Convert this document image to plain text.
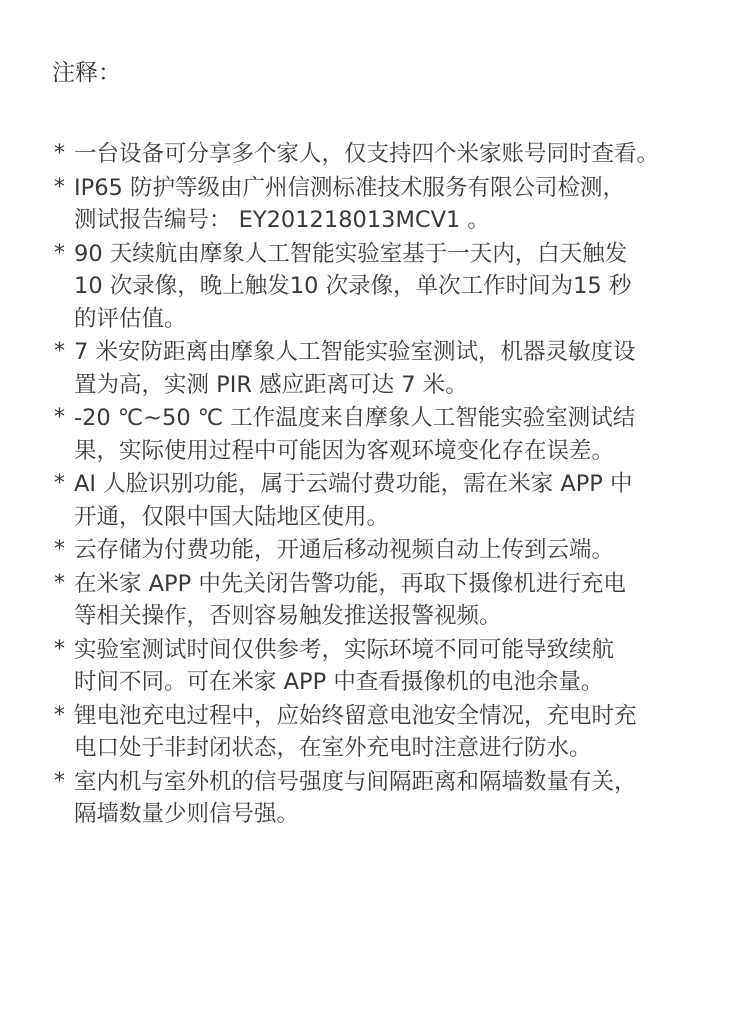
注释：
* 一台设备可分享多个家人，仅支持四个米家账号同时查看。
* IP65 防护等级由广州信测标准技术服务有限公司检测，
测试报告编号： EY201218013MCV1 。
* 90 天续航由摩象人工智能实验室基于一天内，白天触发
10 次录像，晚上触发10 次录像，单次工作时间为15 秒
的评估值。
* 7 米安防距离由摩象人工智能实验室测试，机器灵敏度设
置为高，实测 PIR 感应距离可达 7 米。
* -20 ℃~50 ℃ 工作温度来自摩象人工智能实验室测试结
果，实际使用过程中可能因为客观环境变化存在误差。
* AI 人脸识别功能，属于云端付费功能，需在米家 APP 中
开通，仅限中国大陆地区使用。
* 云存储为付费功能，开通后移动视频自动上传到云端。
* 在米家 APP 中先关闭告警功能，再取下摄像机进行充电
等相关操作，否则容易触发推送报警视频。
* 实验室测试时间仅供参考，实际环境不同可能导致续航
时间不同。可在米家 APP 中查看摄像机的电池余量。
* 锂电池充电过程中，应始终留意电池安全情况，充电时充
电口处于非封闭状态，在室外充电时注意进行防水。
* 室内机与室外机的信号强度与间隔距离和隔墙数量有关，
隔墙数量少则信号强。
